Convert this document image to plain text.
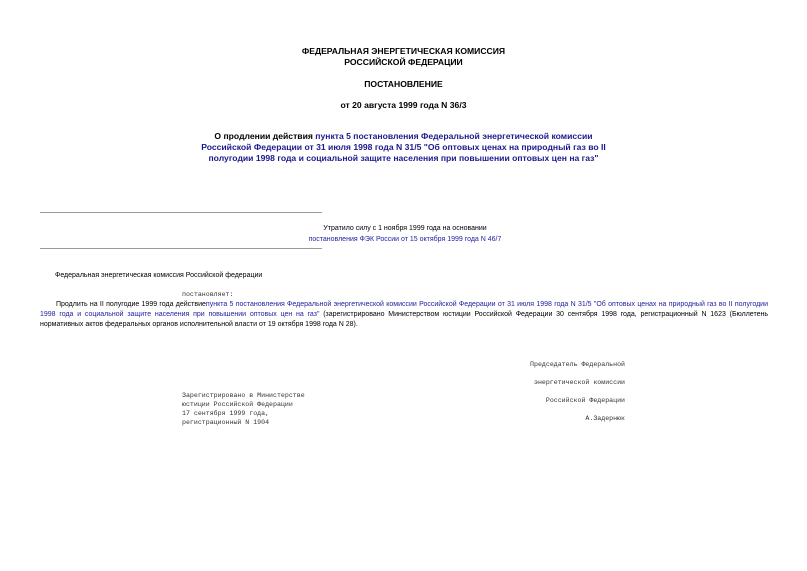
ФЕДЕРАЛЬНАЯ ЭНЕРГЕТИЧЕСКАЯ КОМИССИЯ
РОССИЙСКОЙ ФЕДЕРАЦИИ
ПОСТАНОВЛЕНИЕ
от 20 августа 1999 года N 36/3
О продлении действия пункта 5 постановления Федеральной энергетической комиссии Российской Федерации от 31 июля 1998 года N 31/5 "Об оптовых ценах на природный газ во II полугодии 1998 года и социальной защите населения при повышении оптовых цен на газ"
Утратило силу с 1 ноября 1999 года на основании
постановления ФЭК России от 15 октября 1999 года N 46/7
Федеральная энергетическая комиссия Российской федерации
постановляет:
Продлить на II полугодие 1999 года действиепункта 5 постановления Федеральной энергетической комиссии Российской Федерации от 31 июля 1998 года N 31/5 "Об оптовых ценах на природный газ во II полугодии 1998 года и социальной защите населения при повышении оптовых цен на газ" (зарегистрировано Министерством юстиции Российской Федерации 30 сентября 1998 года, регистрационный N 1623 (Бюллетень нормативных актов федеральных органов исполнительной власти от 19 октября 1998 года N 28).

Председатель Федеральной

энергетической комиссии

Российской Федерации

А.Задернюк

Зарегистрировано в Министерстве
юстиции Российской Федерации
17 сентября 1999 года,
регистрационный N 1904
